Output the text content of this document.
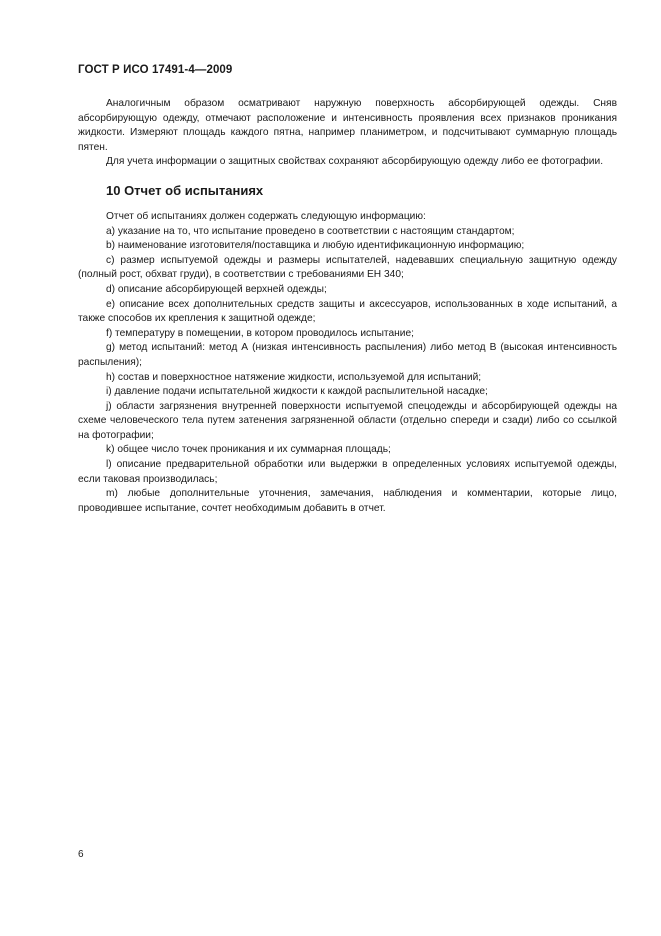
ГОСТ Р ИСО 17491-4—2009

Аналогичным образом осматривают наружную поверхность абсорбирующей одежды. Сняв абсорбирующую одежду, отмечают расположение и интенсивность проявления всех признаков проникания жидкости. Измеряют площадь каждого пятна, например планиметром, и подсчитывают суммарную площадь пятен.

Для учета информации о защитных свойствах сохраняют абсорбирующую одежду либо ее фотографии.

10 Отчет об испытаниях

Отчет об испытаниях должен содержать следующую информацию:

а) указание на то, что испытание проведено в соответствии с настоящим стандартом;

b) наименование изготовителя/поставщика и любую идентификационную информацию;

c) размер испытуемой одежды и размеры испытателей, надевавших специальную защитную одежду (полный рост, обхват груди), в соответствии с требованиями ЕН 340;

d) описание абсорбирующей верхней одежды;

e) описание всех дополнительных средств защиты и аксессуаров, использованных в ходе испытаний, а также способов их крепления к защитной одежде;

f) температуру в помещении, в котором проводилось испытание;

g) метод испытаний: метод А (низкая интенсивность распыления) либо метод В (высокая интенсивность распыления);

h) состав и поверхностное натяжение жидкости, используемой для испытаний;

i) давление подачи испытательной жидкости к каждой распылительной насадке;

j) области загрязнения внутренней поверхности испытуемой спецодежды и абсорбирующей одежды на схеме человеческого тела путем затенения загрязненной области (отдельно спереди и сзади) либо со ссылкой на фотографии;

k) общее число точек проникания и их суммарная площадь;

l) описание предварительной обработки или выдержки в определенных условиях испытуемой одежды, если таковая производилась;

m) любые дополнительные уточнения, замечания, наблюдения и комментарии, которые лицо, проводившее испытание, сочтет необходимым добавить в отчет.

6
